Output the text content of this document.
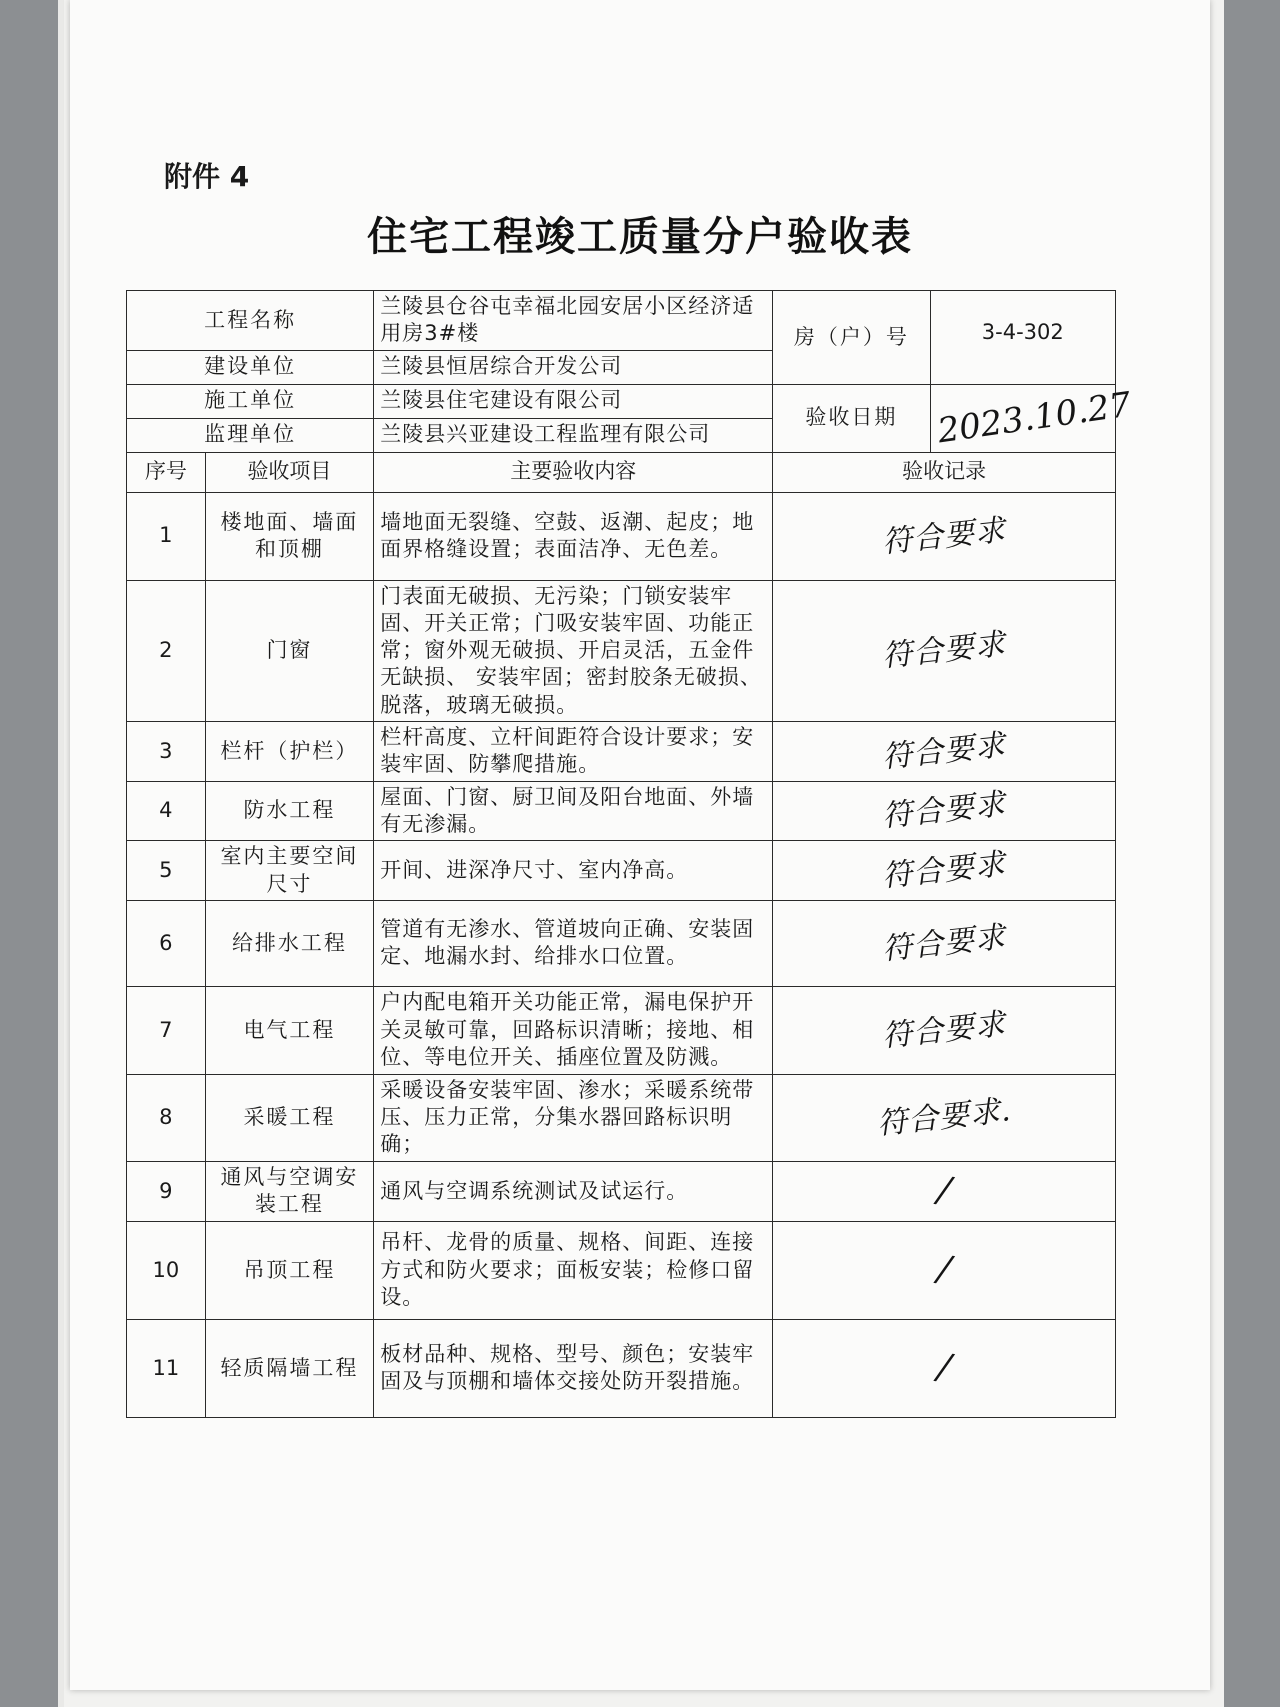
附件 4
住宅工程竣工质量分户验收表
工程名称		兰陵县仓谷屯幸福北园安居小区经济适用房3#楼	房（户）号	3-4-302
建设单位		兰陵县恒居综合开发公司		
施工单位		兰陵县住宅建设有限公司	验收日期	2023.10.27
监理单位		兰陵县兴亚建设工程监理有限公司		
序号	验收项目	主要验收内容	验收记录	
1	楼地面、墙面和顶棚	墙地面无裂缝、空鼓、返潮、起皮；地面界格缝设置；表面洁净、无色差。	符合要求	
2	门窗	门表面无破损、无污染；门锁安装牢固、开关正常；门吸安装牢固、功能正常；窗外观无破损、开启灵活，五金件无缺损、 安装牢固；密封胶条无破损、脱落，玻璃无破损。	符合要求	
3	栏杆（护栏）	栏杆高度、立杆间距符合设计要求；安装牢固、防攀爬措施。	符合要求	
4	防水工程	屋面、门窗、厨卫间及阳台地面、外墙有无渗漏。	符合要求	
5	室内主要空间尺寸	开间、进深净尺寸、室内净高。	符合要求	
6	给排水工程	管道有无渗水、管道坡向正确、安装固定、地漏水封、给排水口位置。	符合要求	
7	电气工程	户内配电箱开关功能正常，漏电保护开关灵敏可靠，回路标识清晰；接地、相位、等电位开关、插座位置及防溅。	符合要求	
8	采暖工程	采暖设备安装牢固、渗水；采暖系统带压、压力正常，分集水器回路标识明确；	符合要求.	
9	通风与空调安装工程	通风与空调系统测试及试运行。	/	
10	吊顶工程	吊杆、龙骨的质量、规格、间距、连接方式和防火要求；面板安装；检修口留设。	/	
11	轻质隔墙工程	板材品种、规格、型号、颜色；安装牢固及与顶棚和墙体交接处防开裂措施。	/	
